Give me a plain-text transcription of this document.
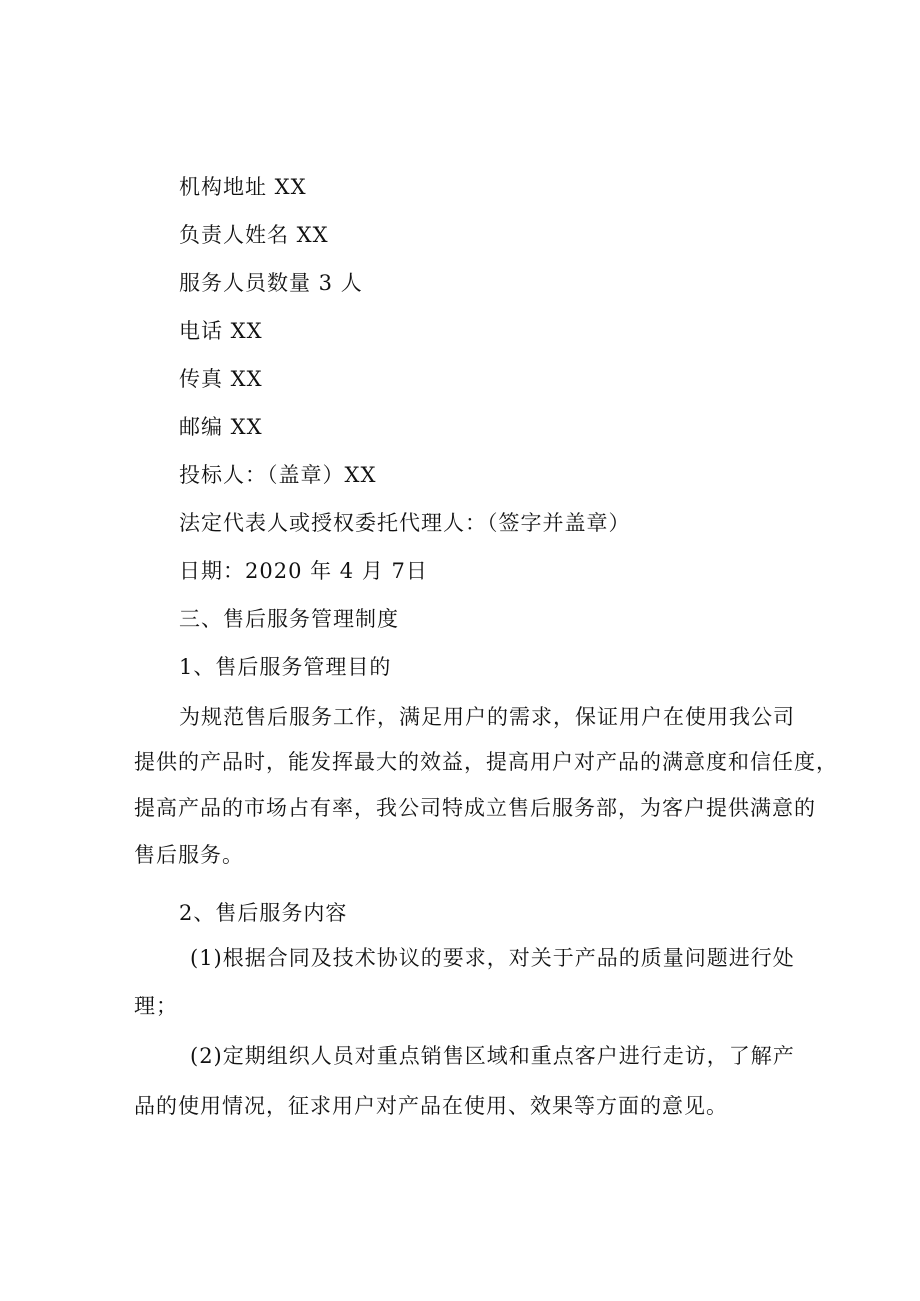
机构地址 XX
负责人姓名 XX
服务人员数量 3 人
电话 XX
传真 XX
邮编 XX
投标人：（盖章）XX
法定代表人或授权委托代理人：（签字并盖章）
日期：2020 年 4 月 7日
三、售后服务管理制度
1、售后服务管理目的
为规范售后服务工作，满足用户的需求，保证用户在使用我公司
提供的产品时，能发挥最大的效益，提高用户对产品的满意度和信任度，
提高产品的市场占有率，我公司特成立售后服务部，为客户提供满意的
售后服务。
2、售后服务内容
(1)根据合同及技术协议的要求，对关于产品的质量问题进行处
理；
(2)定期组织人员对重点销售区域和重点客户进行走访，了解产
品的使用情况，征求用户对产品在使用、效果等方面的意见。
